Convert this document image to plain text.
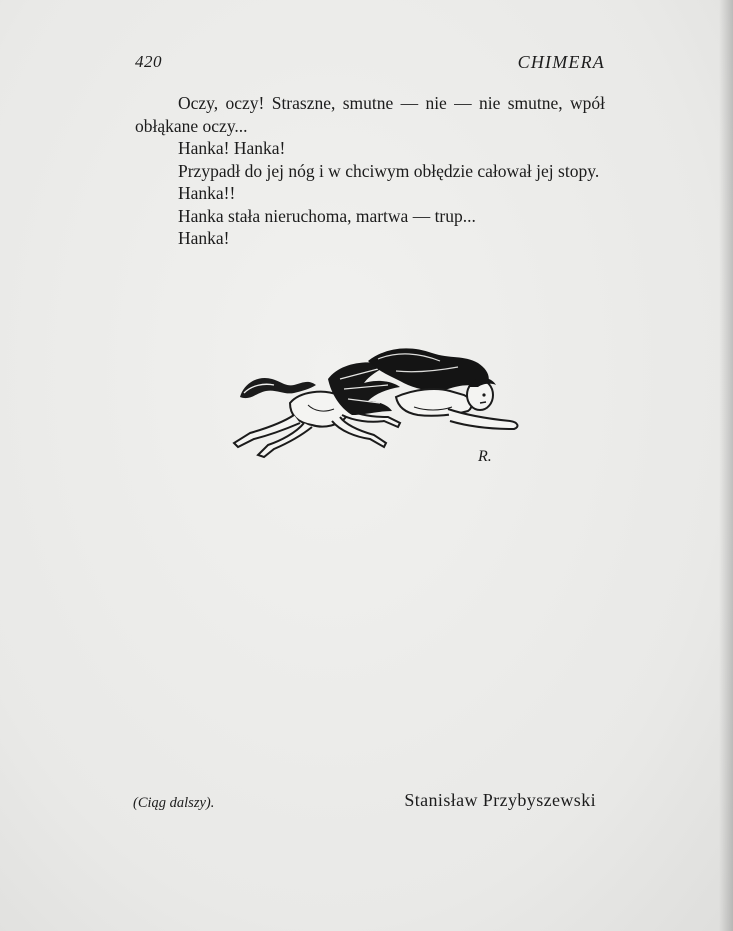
420	CHIMERA

Oczy, oczy! Straszne, smutne — nie — nie smutne, wpół obłąkane oczy...

Hanka! Hanka!

Przypadł do jej nóg i w chciwym obłędzie całował jej stopy.

Hanka!!

Hanka stała nieruchoma, martwa — trup...

Hanka!

R.
(Ciąg dalszy).	Stanisław Przybyszewski
